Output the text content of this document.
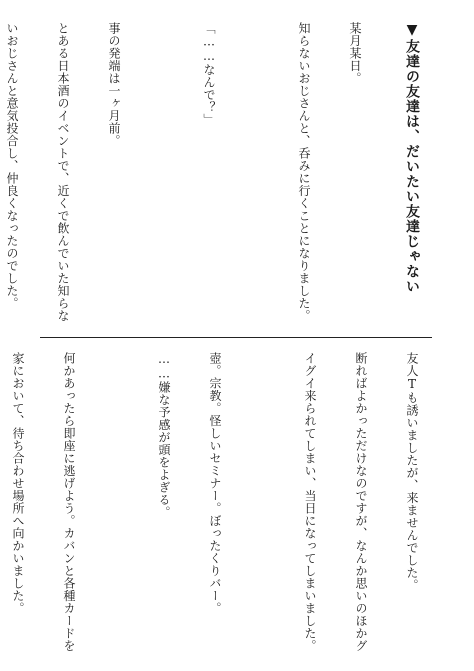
▼友達の友達は、だいたい友達じゃない

某月某日。

知らないおじさんと、呑みに行くことになりました。

「……なんで？」

事の発端は一ヶ月前。

とある日本酒のイベントで、近くで飲んでいた知らな

いおじさんと意気投合し、仲良くなったのでした。

友人Tも誘いましたが、来ませんでした。

断ればよかっただけなのですが、なんか思いのほかグ

イグイ来られてしまい、当日になってしまいました。

壺。宗教。怪しいセミナー。ぼったくりバー。

……嫌な予感が頭をよぎる。

何かあったら即座に逃げよう。カバンと各種カードを

家において、待ち合わせ場所へ向かいました。
